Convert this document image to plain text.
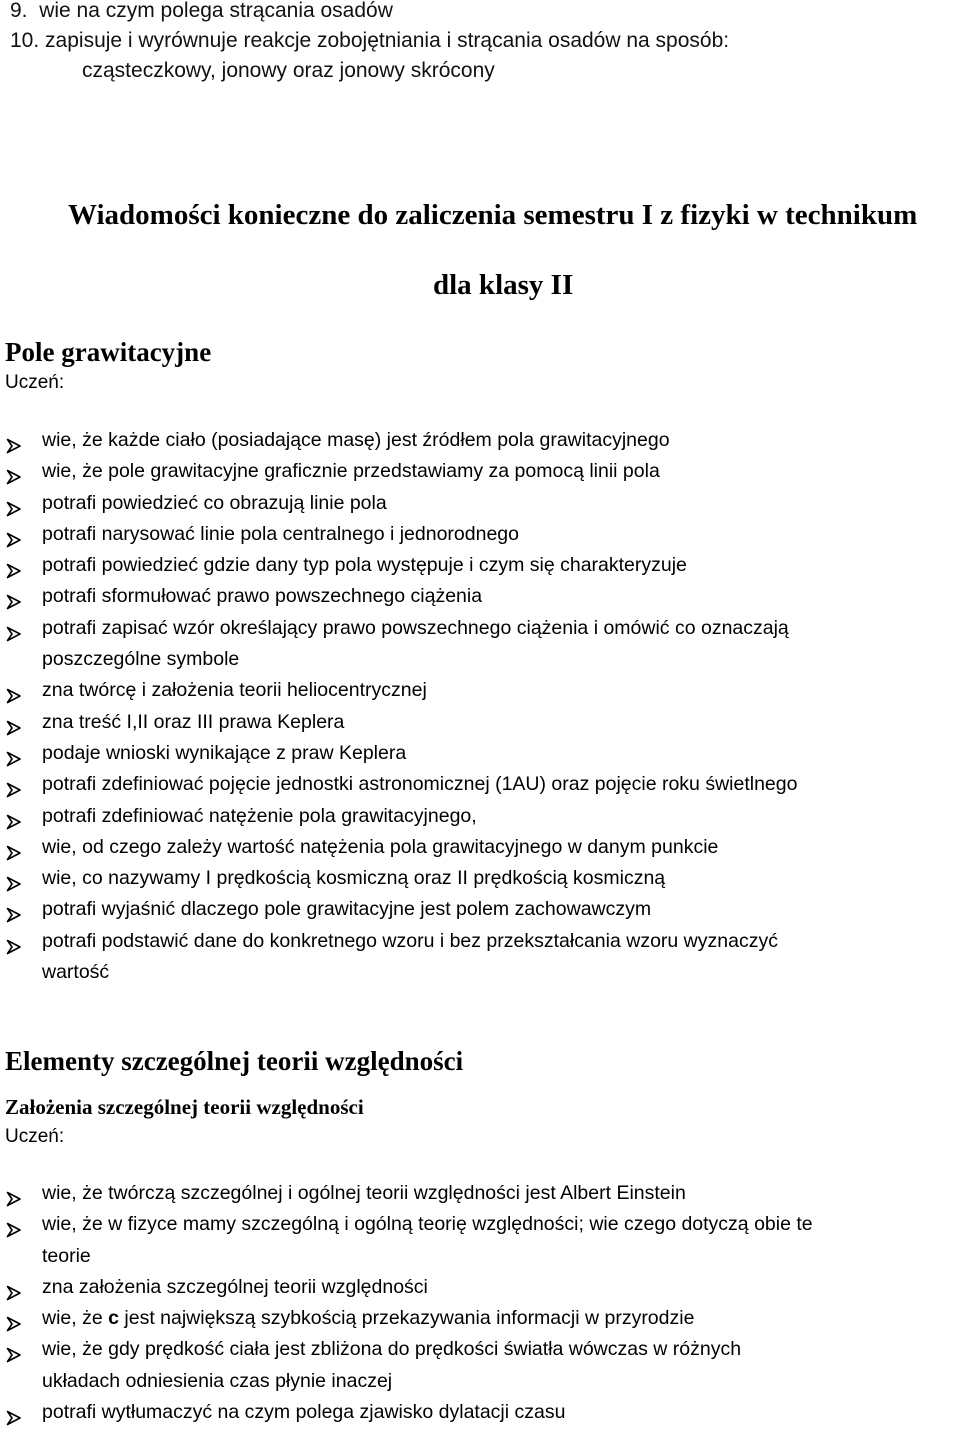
9. wie na czym polega strącania osadów
10. zapisuje i wyrównuje reakcje zobojętniania i strącania osadów na sposób:
cząsteczkowy, jonowy oraz jonowy skrócony
Wiadomości konieczne do zaliczenia semestru I z fizyki w technikum
dla klasy II
Pole grawitacyjne
Uczeń:
wie, że każde ciało (posiadające masę) jest źródłem pola grawitacyjnego
wie, że pole grawitacyjne graficznie przedstawiamy za pomocą linii pola
potrafi powiedzieć co obrazują linie pola
potrafi narysować linie pola centralnego i jednorodnego
potrafi powiedzieć gdzie dany typ pola występuje i czym się charakteryzuje
potrafi sformułować prawo powszechnego ciążenia
potrafi zapisać wzór określający prawo powszechnego ciążenia i omówić co oznaczają
poszczególne symbole
zna twórcę i założenia teorii heliocentrycznej
zna treść I,II oraz III prawa Keplera
podaje wnioski wynikające z praw Keplera
potrafi zdefiniować pojęcie jednostki astronomicznej (1AU) oraz pojęcie roku świetlnego
potrafi zdefiniować natężenie pola grawitacyjnego,
wie, od czego zależy wartość natężenia pola grawitacyjnego w danym punkcie
wie, co nazywamy I prędkością kosmiczną oraz II prędkością kosmiczną
potrafi wyjaśnić dlaczego pole grawitacyjne jest polem zachowawczym
potrafi podstawić dane do konkretnego wzoru i bez przekształcania wzoru wyznaczyć
wartość
Elementy szczególnej teorii względności
Założenia szczególnej teorii względności
Uczeń:
wie, że twórczą szczególnej i ogólnej teorii względności jest Albert Einstein
wie, że w fizyce mamy szczególną i ogólną teorię względności; wie czego dotyczą obie te
teorie
zna założenia szczególnej teorii względności
wie, że c jest największą szybkością przekazywania informacji w przyrodzie
wie, że gdy prędkość ciała jest zbliżona do prędkości światła wówczas w różnych
układach odniesienia czas płynie inaczej
potrafi wytłumaczyć na czym polega zjawisko dylatacji czasu
